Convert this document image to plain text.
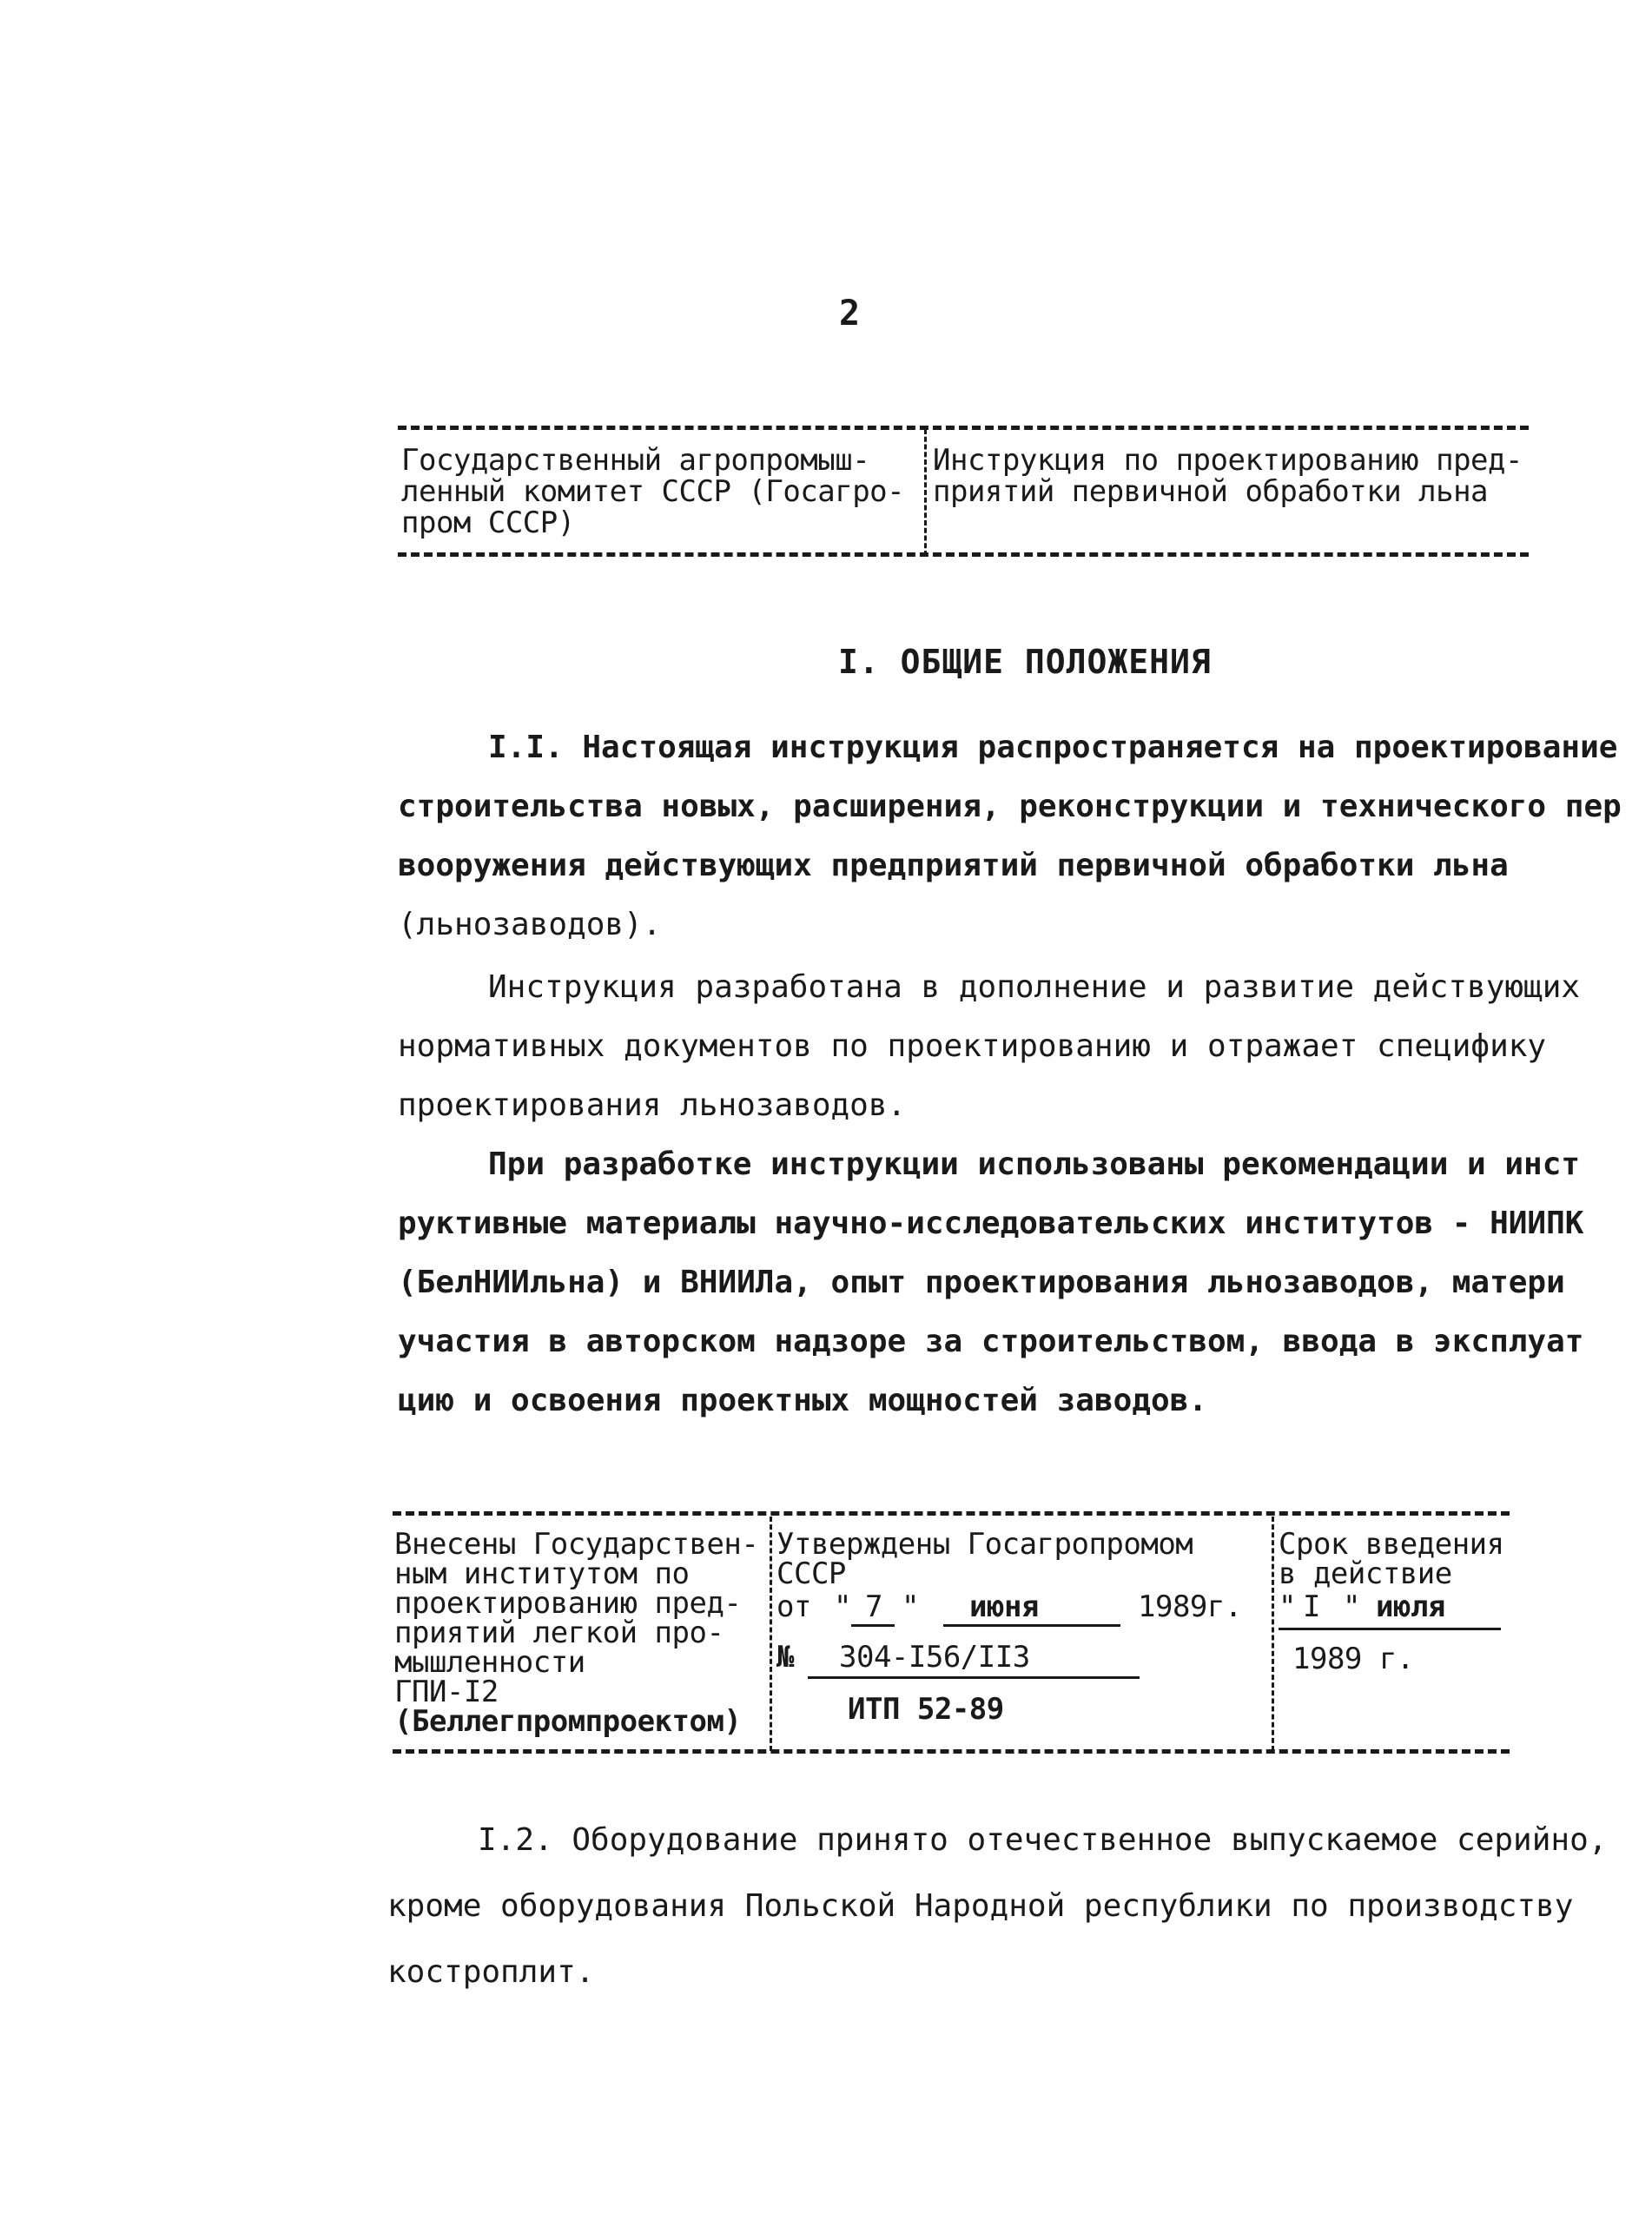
2
Государственный агропромыш-
ленный комитет СССР (Госагро-
пром СССР)
Инструкция по проектированию пред-
приятий первичной обработки льна
I. ОБЩИЕ ПОЛОЖЕНИЯ
I.I. Настоящая инструкция распространяется на проектирование
строительства новых, расширения, реконструкции и технического пер
вооружения действующих предприятий первичной обработки льна
(льнозаводов).
Инструкция разработана в дополнение и развитие действующих
нормативных документов по проектированию и отражает специфику
проектирования льнозаводов.
При разработке инструкции использованы рекомендации и инст
руктивные материалы научно-исследовательских институтов - НИИПК
(БелНИИльна) и ВНИИЛа, опыт проектирования льнозаводов, матери
участия в авторском надзоре за строительством, ввода в эксплуат
цию и освоения проектных мощностей заводов.
Внесены Государствен-
ным институтом по
проектированию пред-
приятий легкой про-
мышленности
ГПИ-I2
(Беллегпромпроектом)
Утверждены Госагропромом
СССР
от " 7 " июня	1989г.
№ 304-I56/II3
ИТП 52-89
Срок введения
в действие
" I " июля
1989 г.
I.2. Оборудование принято отечественное выпускаемое серийно,
кроме оборудования Польской Народной республики по производству
костроплит.
